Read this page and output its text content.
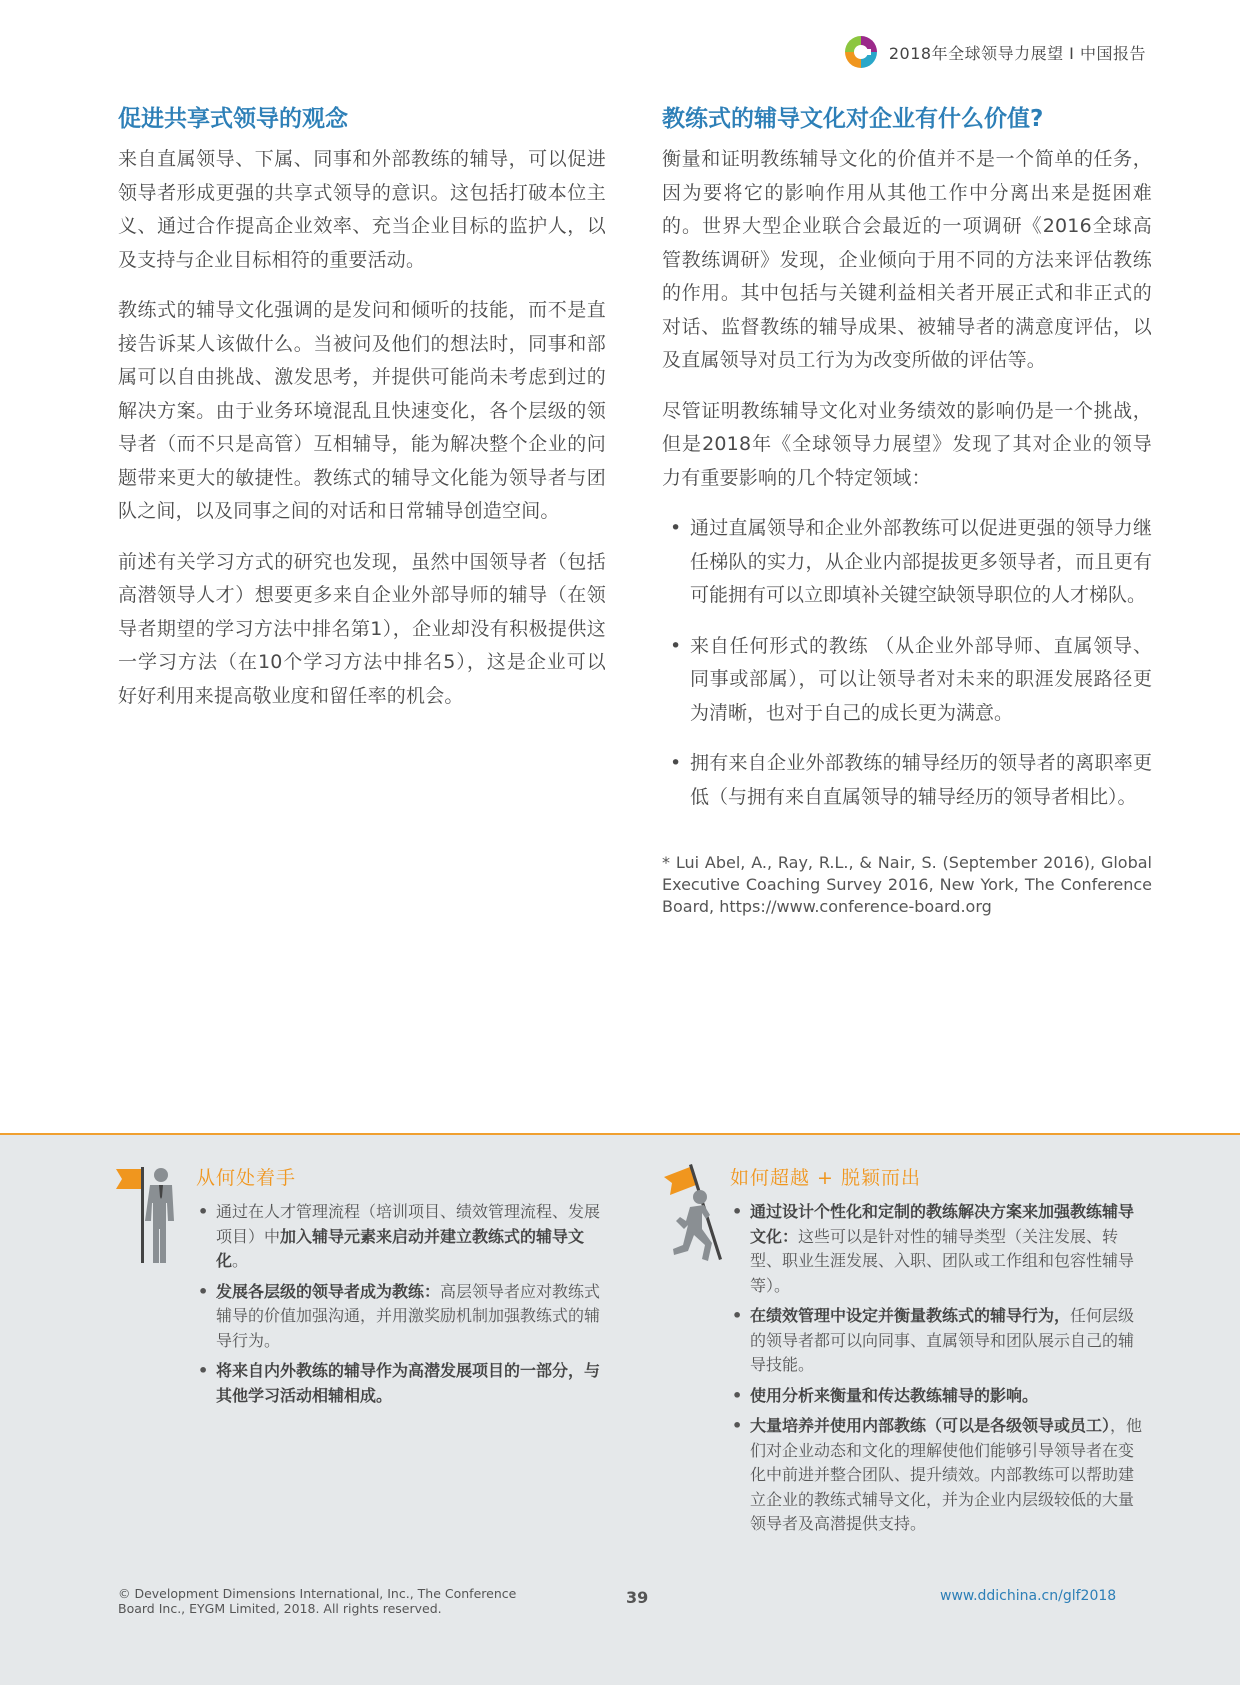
2018年全球领导力展望 I 中国报告
促进共享式领导的观念

来自直属领导、下属、同事和外部教练的辅导，可以促进领导者形成更强的共享式领导的意识。这包括打破本位主义、通过合作提高企业效率、充当企业目标的监护人，以及支持与企业目标相符的重要活动。

教练式的辅导文化强调的是发问和倾听的技能，而不是直接告诉某人该做什么。当被问及他们的想法时，同事和部属可以自由挑战、激发思考，并提供可能尚未考虑到过的解决方案。由于业务环境混乱且快速变化，各个层级的领导者（而不只是高管）互相辅导，能为解决整个企业的问题带来更大的敏捷性。教练式的辅导文化能为领导者与团队之间，以及同事之间的对话和日常辅导创造空间。

前述有关学习方式的研究也发现，虽然中国领导者（包括高潜领导人才）想要更多来自企业外部导师的辅导（在领导者期望的学习方法中排名第1），企业却没有积极提供这一学习方法（在10个学习方法中排名5），这是企业可以好好利用来提高敬业度和留任率的机会。

教练式的辅导文化对企业有什么价值?

衡量和证明教练辅导文化的价值并不是一个简单的任务，因为要将它的影响作用从其他工作中分离出来是挺困难的。世界大型企业联合会最近的一项调研《2016全球高管教练调研》发现，企业倾向于用不同的方法来评估教练的作用。其中包括与关键利益相关者开展正式和非正式的对话、监督教练的辅导成果、被辅导者的满意度评估，以及直属领导对员工行为为改变所做的评估等。

尽管证明教练辅导文化对业务绩效的影响仍是一个挑战，但是2018年《全球领导力展望》发现了其对企业的领导力有重要影响的几个特定领域：

• 通过直属领导和企业外部教练可以促进更强的领导力继任梯队的实力，从企业内部提拔更多领导者，而且更有可能拥有可以立即填补关键空缺领导职位的人才梯队。
• 来自任何形式的教练 （从企业外部导师、直属领导、同事或部属），可以让领导者对未来的职涯发展路径更为清晰，也对于自己的成长更为满意。
• 拥有来自企业外部教练的辅导经历的领导者的离职率更低（与拥有来自直属领导的辅导经历的领导者相比）。
* Lui Abel, A., Ray, R.L., & Nair, S. (September 2016), Global Executive Coaching Survey 2016, New York, The Conference Board, https://www.conference-board.org
从何处着手
• 通过在人才管理流程（培训项目、绩效管理流程、发展项目）中加入辅导元素来启动并建立教练式的辅导文化。
• 发展各层级的领导者成为教练：高层领导者应对教练式辅导的价值加强沟通，并用激奖励机制加强教练式的辅导行为。
• 将来自内外教练的辅导作为高潜发展项目的一部分，与其他学习活动相辅相成。
如何超越 + 脱颖而出
• 通过设计个性化和定制的教练解决方案来加强教练辅导文化：这些可以是针对性的辅导类型（关注发展、转型、职业生涯发展、入职、团队或工作组和包容性辅导等）。
• 在绩效管理中设定并衡量教练式的辅导行为，任何层级的领导者都可以向同事、直属领导和团队展示自己的辅导技能。
• 使用分析来衡量和传达教练辅导的影响。
• 大量培养并使用内部教练（可以是各级领导或员工），他们对企业动态和文化的理解使他们能够引导领导者在变化中前进并整合团队、提升绩效。内部教练可以帮助建立企业的教练式辅导文化，并为企业内层级较低的大量领导者及高潜提供支持。
© Development Dimensions International, Inc., The Conference Board Inc., EYGM Limited, 2018. All rights reserved.
39	www.ddichina.cn/glf2018
